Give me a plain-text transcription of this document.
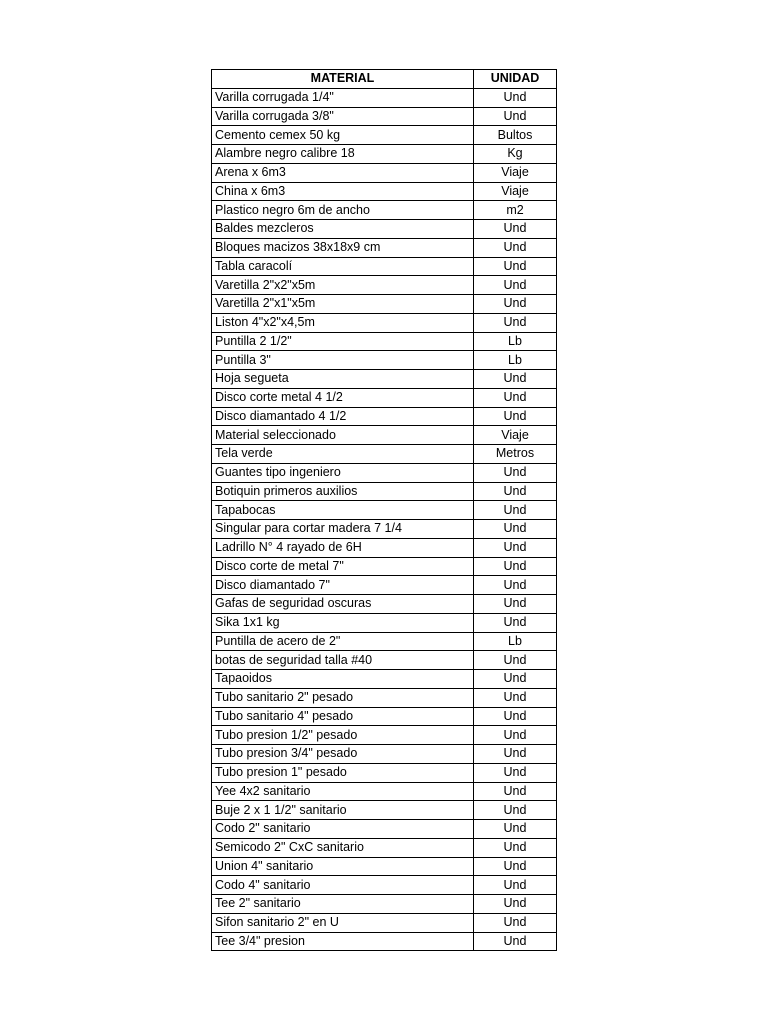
MATERIAL	UNIDAD
Varilla corrugada 1/4"	Und
Varilla corrugada 3/8"	Und
Cemento cemex 50 kg	Bultos
Alambre negro calibre 18	Kg
Arena x 6m3	Viaje
China x 6m3	Viaje
Plastico negro 6m de ancho	m2
Baldes mezcleros	Und
Bloques macizos 38x18x9 cm	Und
Tabla caracolí	Und
Varetilla 2"x2"x5m	Und
Varetilla 2"x1"x5m	Und
Liston 4"x2"x4,5m	Und
Puntilla 2 1/2"	Lb
Puntilla 3"	Lb
Hoja segueta	Und
Disco corte metal 4 1/2	Und
Disco diamantado 4 1/2	Und
Material seleccionado	Viaje
Tela verde	Metros
Guantes tipo ingeniero	Und
Botiquin primeros auxilios	Und
Tapabocas	Und
Singular para cortar madera 7 1/4	Und
Ladrillo N° 4 rayado de 6H	Und
Disco corte de metal 7"	Und
Disco diamantado 7"	Und
Gafas de seguridad oscuras	Und
Sika 1x1 kg	Und
Puntilla de acero de 2"	Lb
botas de seguridad talla #40	Und
Tapaoidos	Und
Tubo sanitario 2" pesado	Und
Tubo sanitario 4" pesado	Und
Tubo presion 1/2" pesado	Und
Tubo presion 3/4" pesado	Und
Tubo presion 1" pesado	Und
Yee 4x2 sanitario	Und
Buje 2 x 1 1/2" sanitario	Und
Codo 2" sanitario	Und
Semicodo 2" CxC sanitario	Und
Union 4" sanitario	Und
Codo 4" sanitario	Und
Tee 2" sanitario	Und
Sifon sanitario 2" en U	Und
Tee 3/4" presion	Und
